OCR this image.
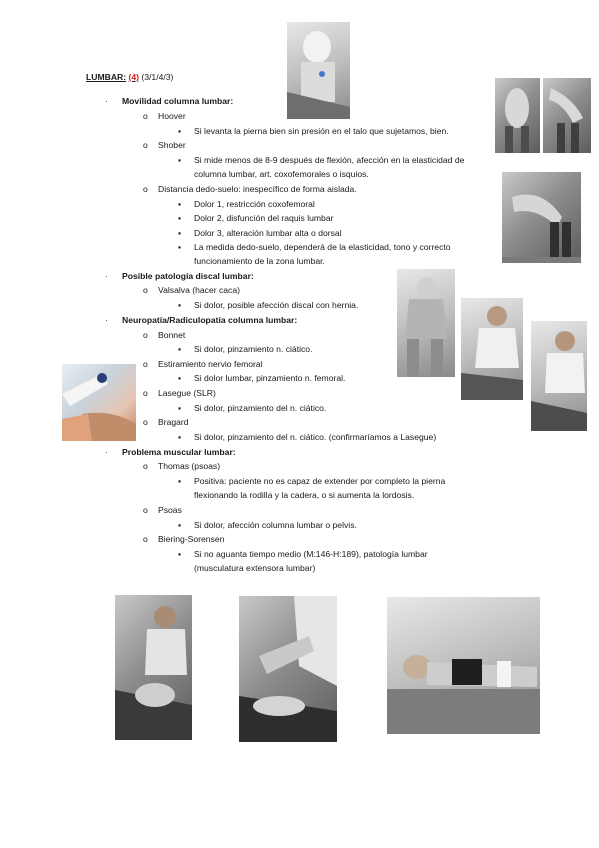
LUMBAR: (4) (3/1/4/3)
· Movilidad columna lumbar:
o Hoover
▪ Si levanta la pierna bien sin presión en el talo que sujetamos, bien.
o Shober
▪ Si mide menos de 8-9 después de flexión, afección en la elasticidad de
columna lumbar, art. coxofemorales o isquios.
o Distancia dedo-suelo: inespecífico de forma aislada.
▪ Dolor 1, restricción coxofemoral
▪ Dolor 2, disfunción del raquis lumbar
▪ Dolor 3, alteración lumbar alta o dorsal
▪ La medida dedo-suelo, dependerá de la elasticidad, tono y correcto
funcionamiento de la zona lumbar.
· Posible patología discal lumbar:
o Valsalva (hacer caca)
▪ Si dolor, posible afección discal con hernia.
· Neuropatía/Radiculopatía columna lumbar:
o Bonnet
▪ Si dolor, pinzamiento n. ciático.
o Estiramiento nervio femoral
▪ Si dolor lumbar, pinzamiento n. femoral.
o Lasegue (SLR)
▪ Si dolor, pinzamiento del n. ciático.
o Bragard
▪ Si dolor, pinzamiento del n. ciático. (confirmaríamos a Lasegue)
· Problema muscular lumbar:
o Thomas (psoas)
▪ Positiva: paciente no es capaz de extender por completo la pierna
flexionando la rodilla y la cadera, o si aumenta la lordosis.
o Psoas
▪ Si dolor, afección columna lumbar o pelvis.
o Biering-Sorensen
▪ Si no aguanta tiempo medio (M:146-H:189), patología lumbar
(musculatura extensora lumbar)
